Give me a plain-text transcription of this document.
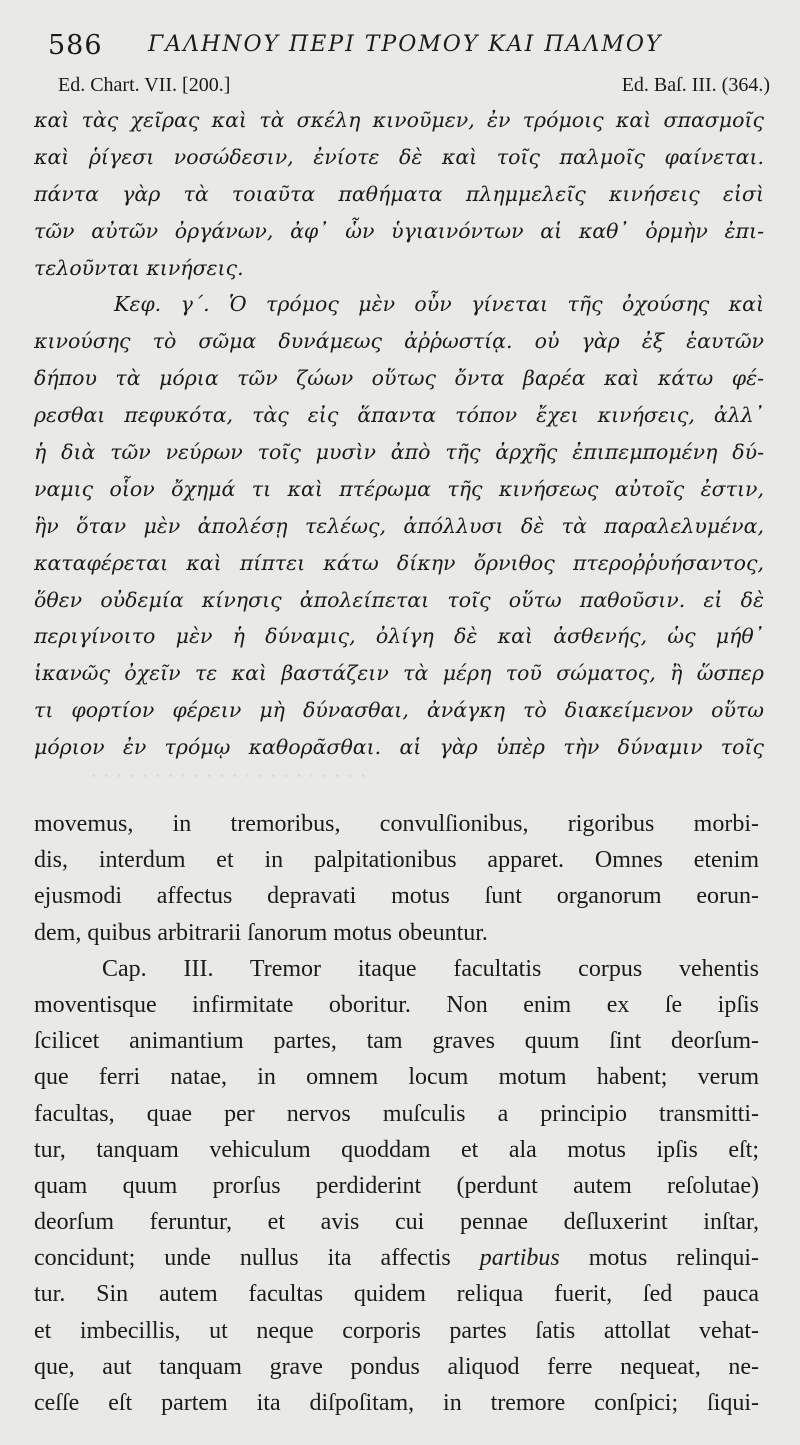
· · · · · · · · · · · · · · · · · · · · · ·
586 ΓΑΛΗΝΟΥ ΠΕΡΙ ΤΡΟΜΟΥ ΚΑΙ ΠΑΛΜΟΥ
Ed. Chart. VII. [200.]	Ed. Baſ. III. (364.)
καὶ τὰς χεῖρας καὶ τὰ σκέλη κινοῦμεν, ἐν τρόμοις καὶ σπασμοῖς
καὶ ῥίγεσι νοσώδεσιν, ἐνίοτε δὲ καὶ τοῖς παλμοῖς φαίνεται.
πάντα γὰρ τὰ τοιαῦτα παθήματα πλημμελεῖς κινήσεις εἰσὶ
τῶν αὐτῶν ὀργάνων, ἀφ᾽ ὧν ὑγιαινόντων αἱ καθ᾽ ὁρμὴν ἐπι-
τελοῦνται κινήσεις.
Κεφ. γ΄. Ὁ τρόμος μὲν οὖν γίνεται τῆς ὀχούσης καὶ
κινούσης τὸ σῶμα δυνάμεως ἀῤῥωστίᾳ. οὐ γὰρ ἐξ ἑαυτῶν
δήπου τὰ μόρια τῶν ζώων οὕτως ὄντα βαρέα καὶ κάτω φέ-
ρεσθαι πεφυκότα, τὰς εἰς ἅπαντα τόπον ἔχει κινήσεις, ἀλλ᾽
ἡ διὰ τῶν νεύρων τοῖς μυσὶν ἀπὸ τῆς ἀρχῆς ἐπιπεμπομένη δύ-
ναμις οἷον ὄχημά τι καὶ πτέρωμα τῆς κινήσεως αὐτοῖς ἐστιν,
ἣν ὅταν μὲν ἀπολέσῃ τελέως, ἀπόλλυσι δὲ τὰ παραλελυμένα,
καταφέρεται καὶ πίπτει κάτω δίκην ὄρνιθος πτεροῤῥυήσαντος,
ὅθεν οὐδεμία κίνησις ἀπολείπεται τοῖς οὕτω παθοῦσιν. εἰ δὲ
περιγίνοιτο μὲν ἡ δύναμις, ὀλίγη δὲ καὶ ἀσθενής, ὡς μήθ᾽
ἱκανῶς ὀχεῖν τε καὶ βαστάζειν τὰ μέρη τοῦ σώματος, ἢ ὥσπερ
τι φορτίον φέρειν μὴ δύνασθαι, ἀνάγκη τὸ διακείμενον οὕτω
μόριον ἐν τρόμῳ καθορᾶσθαι. αἱ γὰρ ὑπὲρ τὴν δύναμιν τοῖς
movemus, in tremoribus, convulſionibus, rigoribus morbi-
dis, interdum et in palpitationibus apparet. Omnes etenim
ejusmodi affectus depravati motus ſunt organorum eorun-
dem, quibus arbitrarii ſanorum motus obeuntur.
Cap. III. Tremor itaque facultatis corpus vehentis
moventisque infirmitate oboritur. Non enim ex ſe ipſis
ſcilicet animantium partes, tam graves quum ſint deorſum-
que ferri natae, in omnem locum motum habent; verum
facultas, quae per nervos muſculis a principio transmitti-
tur, tanquam vehiculum quoddam et ala motus ipſis eſt;
quam quum prorſus perdiderint (perdunt autem reſolutae)
deorſum feruntur, et avis cui pennae deſluxerint inſtar,
concidunt; unde nullus ita affectis partibus motus relinqui-
tur. Sin autem facultas quidem reliqua fuerit, ſed pauca
et imbecillis, ut neque corporis partes ſatis attollat vehat-
que, aut tanquam grave pondus aliquod ferre nequeat, ne-
ceſſe eſt partem ita diſpoſitam, in tremore conſpici; ſiqui-
